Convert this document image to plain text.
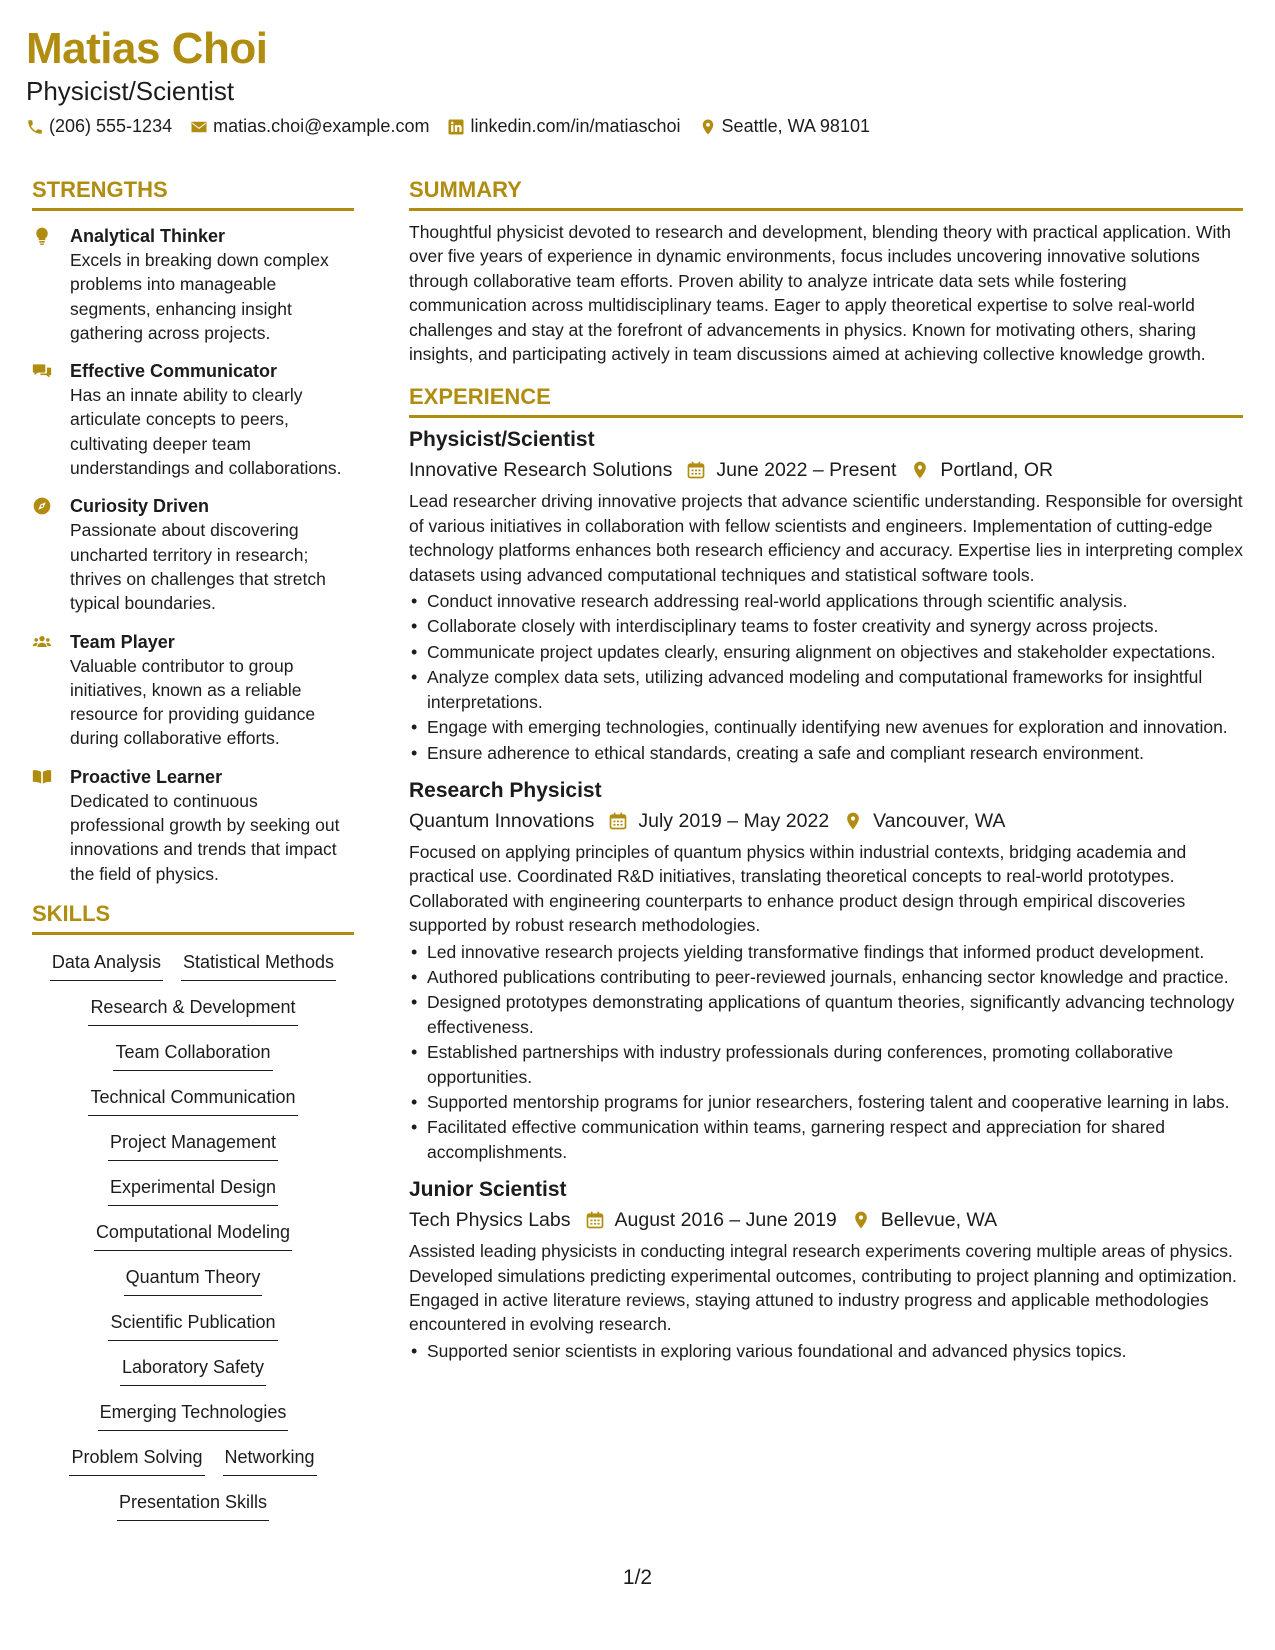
Matias Choi
Physicist/Scientist
(206) 555-1234 matias.choi@example.com linkedin.com/in/matiaschoi Seattle, WA 98101
STRENGTHS
Analytical Thinker
Excels in breaking down complex problems into manageable segments, enhancing insight gathering across projects.
Effective Communicator
Has an innate ability to clearly articulate concepts to peers, cultivating deeper team understandings and collaborations.
Curiosity Driven
Passionate about discovering uncharted territory in research; thrives on challenges that stretch typical boundaries.
Team Player
Valuable contributor to group initiatives, known as a reliable resource for providing guidance during collaborative efforts.
Proactive Learner
Dedicated to continuous professional growth by seeking out innovations and trends that impact the field of physics.
SKILLS
Data Analysis Statistical Methods
Research & Development
Team Collaboration
Technical Communication
Project Management
Experimental Design
Computational Modeling
Quantum Theory
Scientific Publication
Laboratory Safety
Emerging Technologies
Problem Solving Networking
Presentation Skills
SUMMARY
Thoughtful physicist devoted to research and development, blending theory with practical application. With over five years of experience in dynamic environments, focus includes uncovering innovative solutions through collaborative team efforts. Proven ability to analyze intricate data sets while fostering communication across multidisciplinary teams. Eager to apply theoretical expertise to solve real-world challenges and stay at the forefront of advancements in physics. Known for motivating others, sharing insights, and participating actively in team discussions aimed at achieving collective knowledge growth.
EXPERIENCE
Physicist/Scientist
Innovative Research Solutions June 2022 – Present Portland, OR
Lead researcher driving innovative projects that advance scientific understanding. Responsible for oversight of various initiatives in collaboration with fellow scientists and engineers. Implementation of cutting-edge technology platforms enhances both research efficiency and accuracy. Expertise lies in interpreting complex datasets using advanced computational techniques and statistical software tools.
• Conduct innovative research addressing real-world applications through scientific analysis.
• Collaborate closely with interdisciplinary teams to foster creativity and synergy across projects.
• Communicate project updates clearly, ensuring alignment on objectives and stakeholder expectations.
• Analyze complex data sets, utilizing advanced modeling and computational frameworks for insightful interpretations.
• Engage with emerging technologies, continually identifying new avenues for exploration and innovation.
• Ensure adherence to ethical standards, creating a safe and compliant research environment.
Research Physicist
Quantum Innovations July 2019 – May 2022 Vancouver, WA
Focused on applying principles of quantum physics within industrial contexts, bridging academia and practical use. Coordinated R&D initiatives, translating theoretical concepts to real-world prototypes. Collaborated with engineering counterparts to enhance product design through empirical discoveries supported by robust research methodologies.
• Led innovative research projects yielding transformative findings that informed product development.
• Authored publications contributing to peer-reviewed journals, enhancing sector knowledge and practice.
• Designed prototypes demonstrating applications of quantum theories, significantly advancing technology effectiveness.
• Established partnerships with industry professionals during conferences, promoting collaborative opportunities.
• Supported mentorship programs for junior researchers, fostering talent and cooperative learning in labs.
• Facilitated effective communication within teams, garnering respect and appreciation for shared accomplishments.
Junior Scientist
Tech Physics Labs August 2016 – June 2019 Bellevue, WA
Assisted leading physicists in conducting integral research experiments covering multiple areas of physics. Developed simulations predicting experimental outcomes, contributing to project planning and optimization. Engaged in active literature reviews, staying attuned to industry progress and applicable methodologies encountered in evolving research.
• Supported senior scientists in exploring various foundational and advanced physics topics.
1/2
